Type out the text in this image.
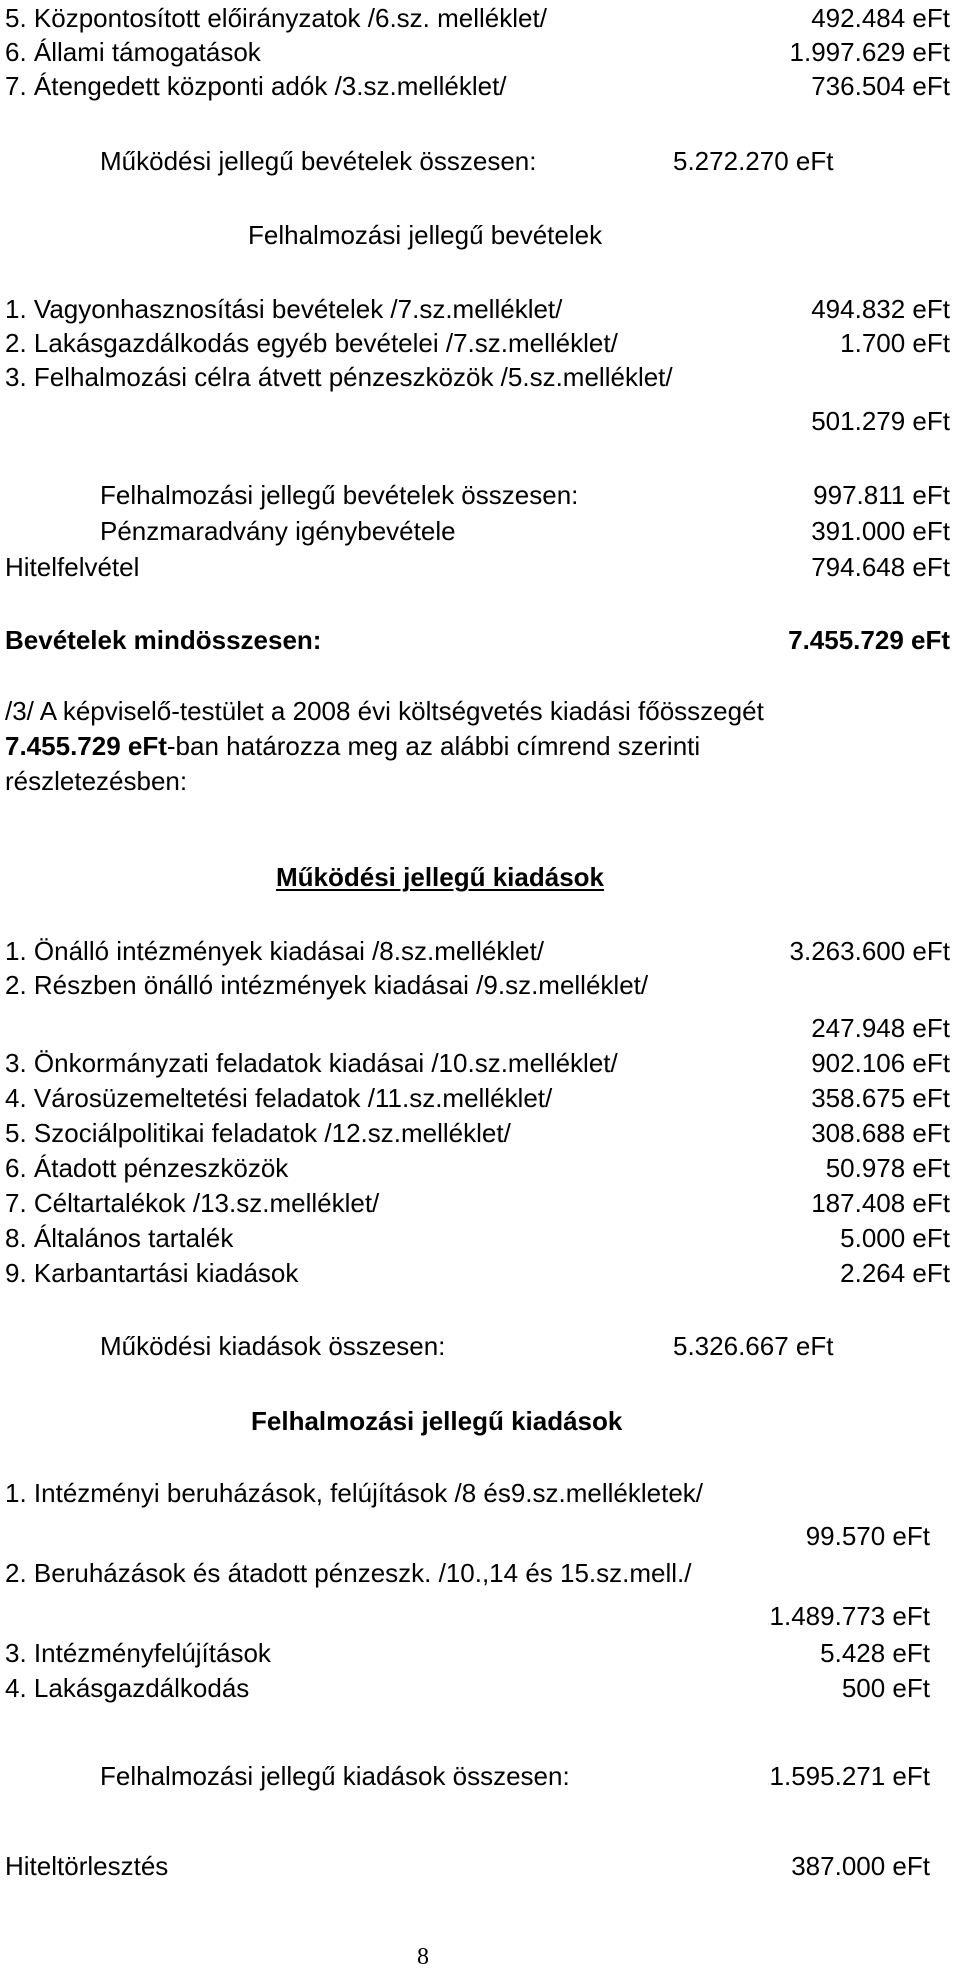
5. Központosított előirányzatok /6.sz. melléklet/	492.484 eFt
6. Állami támogatások	1.997.629 eFt
7. Átengedett központi adók /3.sz.melléklet/	736.504 eFt
Működési jellegű bevételek összesen:	5.272.270 eFt
Felhalmozási jellegű bevételek
1. Vagyonhasznosítási bevételek /7.sz.melléklet/	494.832 eFt
2. Lakásgazdálkodás egyéb bevételei /7.sz.melléklet/	1.700 eFt
3. Felhalmozási célra átvett pénzeszközök /5.sz.melléklet/
501.279 eFt
Felhalmozási jellegű bevételek összesen:	997.811 eFt
Pénzmaradvány igénybevétele	391.000 eFt
Hitelfelvétel	794.648 eFt
Bevételek mindösszesen:	7.455.729 eFt
/3/ A képviselő-testület a 2008 évi költségvetés kiadási főösszegét
7.455.729 eFt-ban határozza meg az alábbi címrend szerinti
részletezésben:
Működési jellegű kiadások
1. Önálló intézmények kiadásai /8.sz.melléklet/	3.263.600 eFt
2. Részben önálló intézmények kiadásai /9.sz.melléklet/
247.948 eFt
3. Önkormányzati feladatok kiadásai /10.sz.melléklet/	902.106 eFt
4. Városüzemeltetési feladatok /11.sz.melléklet/	358.675 eFt
5. Szociálpolitikai feladatok /12.sz.melléklet/	308.688 eFt
6. Átadott pénzeszközök	50.978 eFt
7. Céltartalékok /13.sz.melléklet/	187.408 eFt
8. Általános tartalék	5.000 eFt
9. Karbantartási kiadások	2.264 eFt
Működési kiadások összesen:	5.326.667 eFt
Felhalmozási jellegű kiadások
1. Intézményi beruházások, felújítások /8 és9.sz.mellékletek/
99.570 eFt
2. Beruházások és átadott pénzeszk. /10.,14 és 15.sz.mell./
1.489.773 eFt
3. Intézményfelújítások	5.428 eFt
4. Lakásgazdálkodás	500 eFt
Felhalmozási jellegű kiadások összesen:	1.595.271 eFt
Hiteltörlesztés	387.000 eFt
8
